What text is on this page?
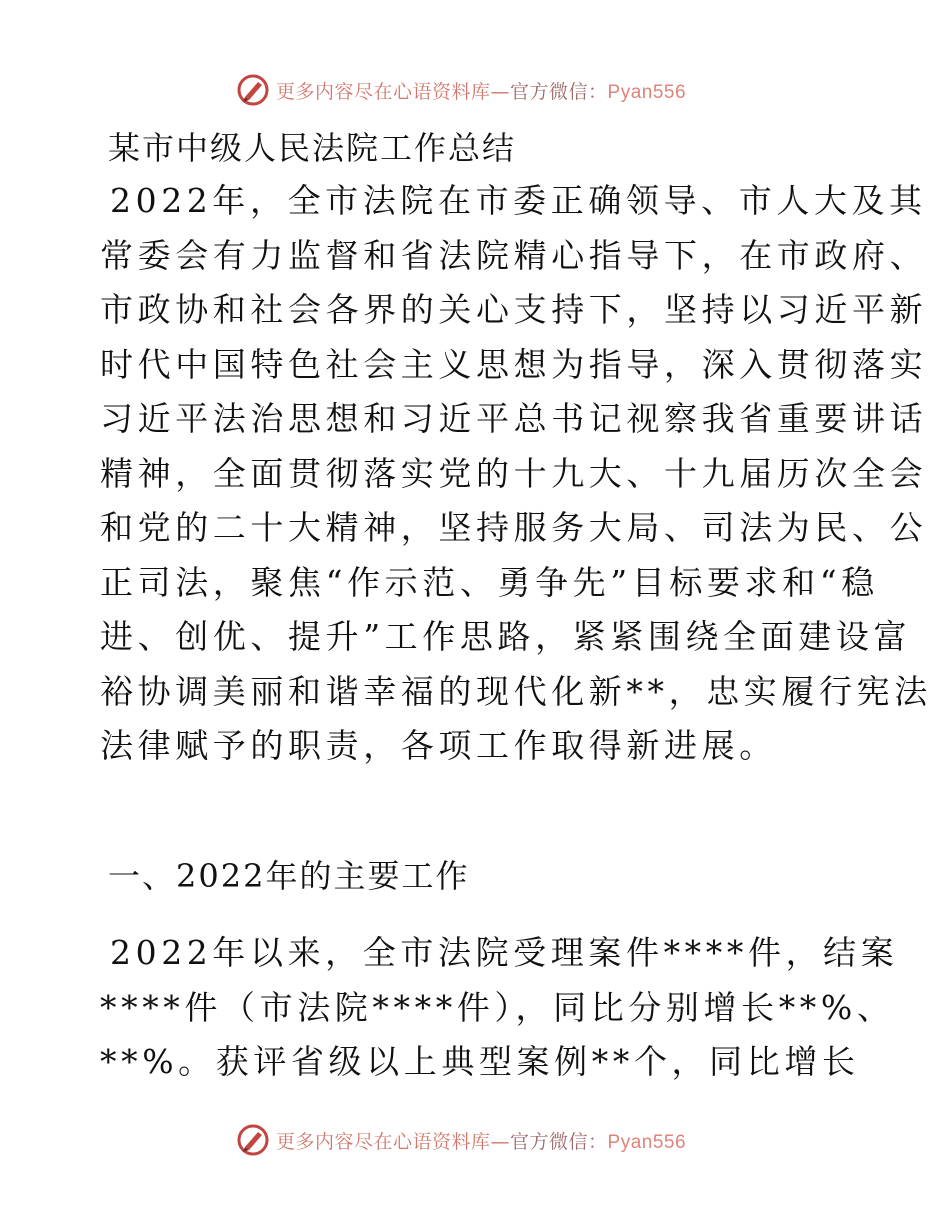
更多内容尽在心语资料库—官方微信：Pyan556
某市中级人民法院工作总结
2022年，全市法院在市委正确领导、市人大及其
常委会有力监督和省法院精心指导下，在市政府、
市政协和社会各界的关心支持下，坚持以习近平新
时代中国特色社会主义思想为指导，深入贯彻落实
习近平法治思想和习近平总书记视察我省重要讲话
精神，全面贯彻落实党的十九大、十九届历次全会
和党的二十大精神，坚持服务大局、司法为民、公
正司法，聚焦“作示范、勇争先”目标要求和“稳
进、创优、提升”工作思路，紧紧围绕全面建设富
裕协调美丽和谐幸福的现代化新**，忠实履行宪法
法律赋予的职责，各项工作取得新进展。
一、2022年的主要工作
2022年以来，全市法院受理案件****件，结案
****件（市法院****件），同比分别增长**%、
**%。获评省级以上典型案例**个，同比增长
更多内容尽在心语资料库—官方微信：Pyan556
